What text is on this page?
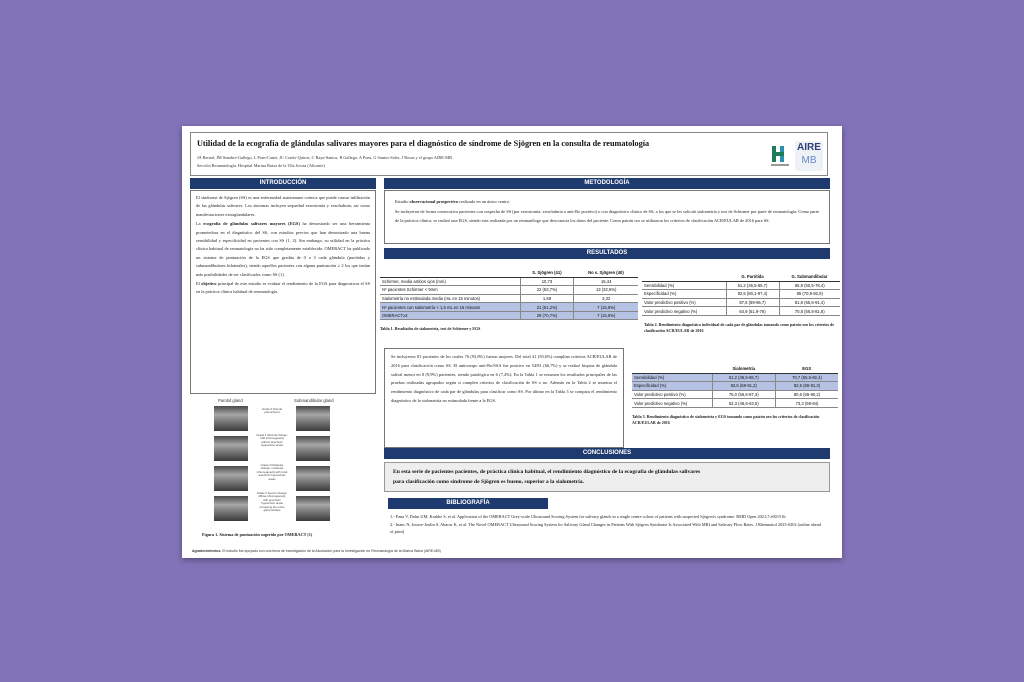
Utilidad de la ecografía de glándulas salivares mayores para el diagnóstico de síndrome de Sjögren en la consulta de reumatología
JA Bernal, JM Senabre-Gallego, L Pons-Canet, JC Cortés-Quiroz, C Raya-Santos, R Gallego, A Pons, G Santos-Soler, J Rosas y el grupo AIRE-MB.
Sección Reumatología, Hospital Marina Baixa de la Vila Joiosa (Alicante)
AIRE
MB
INTRODUCCIÓN

El síndrome de Sjögren (SS) es una enfermedad autoinmune crónica que puede causar infiltración de las glándulas salivares. Los síntomas incluyen sequedad xerostomía y xeroftalmia, así como manifestaciones extraglandulares.

La ecografía de glándulas salivares mayores (EGS) ha demostrado ser una herramienta prometedora en el diagnóstico del SS, con estudios previos que han demostrado una buena sensibilidad y especificidad en pacientes con SS (1, 2). Sin embargo, su utilidad en la práctica clínica habitual de reumatología no ha sido completamente establecida. OMERACT ha publicado un sistema de puntuación de la EGS que gradúa de 0 a 3 cada glándula (parótidas y submandibulares bilaterales), siendo aquellos pacientes con alguna puntuación ≥ 2 los que tenían más posibilidades de ser clasificados como SS (1).

El objetivo principal de este estudio es evaluar el rendimiento de la EGS para diagnosticar el SS en la práctica clínica habitual de reumatología.

Parotid gland	Submandibular gland
Grade 0 Normal parenchyma
Grade 1 Minimal change: mild inhomogeneity without anechoic/ hypoechoic areas
Grade 2 Moderate change: moderate inhomogeneity with focal anechoic/ hypoechoic areas
Grade 3 Severe change: diffuse inhomogeneity with anechoic/ hypoechoic areas occupying the entire gland surface
Figura 1. Sistema de puntuación sugerido por OMERACT (1)
METODOLOGÍA

Estudio observacional prospectivo realizado en un único centro.

Se incluyeron de forma consecutiva pacientes con sospecha de SS (por xerostomía, xeroftalmia o anti-Ro positivo) o con diagnóstico clínico de SS, a los que se les solicitó sialometría y test de Schirmer por parte de reumatología. Como parte de la práctica clínica, se realizó una EGS, siendo esta realizada por un reumatólogo que desconocía los datos del paciente. Como patrón oro se utilizaron los criterios de clasificación ACR/EULAR de 2016 para SS.

RESULTADOS
	S. Sjögren (41)	No s. Sjögren (40)
Schirmer, media ambos ojos (mm)	10,73	15,44
Nº pacientes Schirmer < 5mm	22 (53,7%)	13 (32,5%)
Sialometría no estimulada media (mL en 15 minutos)	1,69	3,32
Nº pacientes con sialometría < 1,5 mL en 15 minutos	21 (51,2%)	7 (15,5%)
OMERACT≥2	29 (70,7%)	7 (15,5%)
Tabla 1. Resultados de sialometría, test de Schirmer y EGS
	G. Parótida	G. Submandibular
Sensibilidad (%)	51,2 (36,5-65,7)	65,9 (50,5-78,4)
Especificidad (%)	92,5 (80,1-97,4)	85 (70,9-92,9)
Valor predictivo positivo (%)	87,5 (69-95,7)	81,8 (65,6-91,4)
Valor predictivo negativo (%)	64,9 (51,9-76)	70,8 (56,8-81,8)
Tabla 2. Rendimiento diagnóstico individual de cada par de glándulas tomando como patrón oro los criterios de clasificación ACR/EULAR de 2016
Se incluyeron 81 pacientes de los cuales 76 (93,8%) fueron mujeres. Del total 41 (50,6%) cumplían criterios ACR/EULAR de 2016 para clasificación como SS. El anticuerpo anti-Ro/SSA fue positivo en 54/81 (66,7%) y se realizó biopsia de glándula salival menor en 8 (9,9%) pacientes, siendo patológica en 6 (7,4%). En la Tabla 1 se resumen los resultados principales de las pruebas realizadas agrupados según si cumplen criterios de clasificación de SS o no. Además en la Tabla 2 se muestra el rendimiento diagnóstico de cada par de glándulas para clasificar como SS. Por último en la Tabla 3 se compara el rendimiento diagnóstico de la sialometría no estimulada frente a la EGS.
	Sialometría	EGS
Sensibilidad (%)	51,2 (36,5-65,7)	70,7 (55,5-82,4)
Especificidad (%)	82,5 (68-91,3)	82,5 (68-91,3)
Valor predictivo positivo (%)	75,0 (56,6-87,3)	80,6 (65-90,2)
Valor predictivo negativo (%)	62,3 (48,6-63,5)	73,3 (59-84)
Tabla 3. Rendimiento diagnóstico de sialometría y EGS tomando como patrón oro los criterios de clasificación ACR/EULAR de 2016
CONCLUSIONES
En esta serie de pacientes pacientes, de práctica clínica habitual, el rendimiento diagnóstico de la ecografía de glándulas salivares
para clasificación como síndrome de Sjögren es bueno, superior a la sialometría.
BIBLIOGRAFÍA

1.- Fana V, Dohn UM, Krabbe S, et al. Application of the OMERACT Grey-scale Ultrasound Scoring System for salivary glands in a single centre cohort of patients with suspected Sjögren's syndrome. RMD Open 2021;7:e001516.

2.- Inanc N, Jousse-Joulin S, Abacar K, et al. The Novel OMERACT Ultrasound Scoring System for Salivary Gland Changes in Patients With Sjögren Syndrome Is Associated With MRI and Salivary Flow Rates. J Rheumatol 2023-0202 (online ahead of print)

Agradecimientos. El estudio fue apoyado con una beca de investigación de la Asociación para la Investigación en Reumatología de la Marina Baixa (AIRE-MB)
